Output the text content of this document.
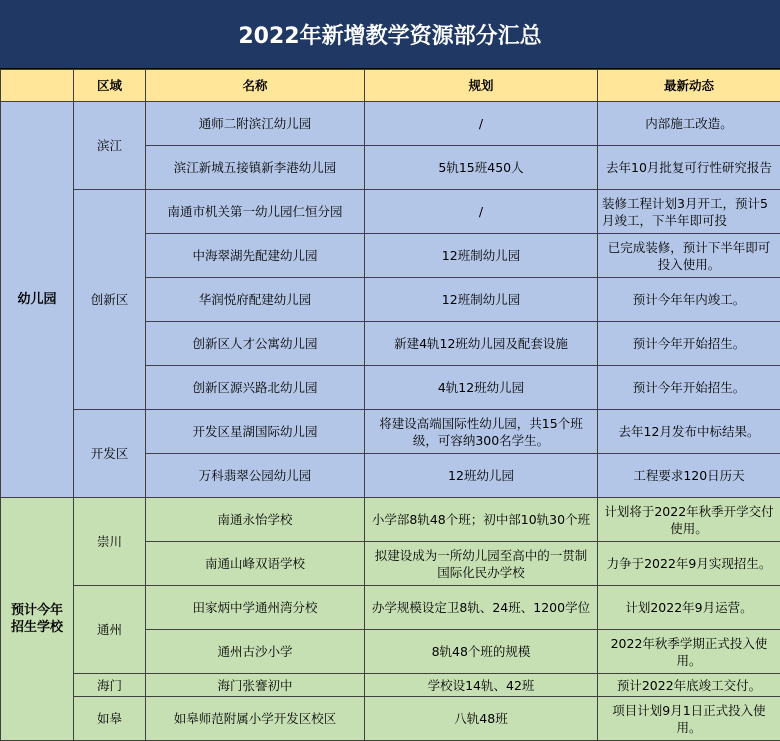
2022年新增教学资源部分汇总
	区域	名称	规划	最新动态
幼儿园	滨江	通师二附滨江幼儿园	/	内部施工改造。
		滨江新城五接镇新李港幼儿园	5轨15班450人	去年10月批复可行性研究报告
	创新区	南通市机关第一幼儿园仁恒分园	/	装修工程计划3月开工，预计5月竣工，下半年即可投
		中海翠湖先配建幼儿园	12班制幼儿园	已完成装修，预计下半年即可投入使用。
		华润悦府配建幼儿园	12班制幼儿园	预计今年年内竣工。
		创新区人才公寓幼儿园	新建4轨12班幼儿园及配套设施	预计今年开始招生。
		创新区源兴路北幼儿园	4轨12班幼儿园	预计今年开始招生。
	开发区	开发区星湖国际幼儿园	将建设高端国际性幼儿园，共15个班级，可容纳300名学生。	去年12月发布中标结果。
		万科翡翠公园幼儿园	12班幼儿园	工程要求120日历天
预计今年招生学校	崇川	南通永怡学校	小学部8轨48个班；初中部10轨30个班	计划将于2022年秋季开学交付使用。
		南通山峰双语学校	拟建设成为一所幼儿园至高中的一贯制国际化民办学校	力争于2022年9月实现招生。
	通州	田家炳中学通州湾分校	办学规模设定卫8轨、24班、1200学位	计划2022年9月运营。
		通州古沙小学	8轨48个班的规模	2022年秋季学期正式投入使用。
	海门	海门张謇初中	学校设14轨、42班	预计2022年底竣工交付。
	如皋	如皋师范附属小学开发区校区	八轨48班	项目计划9月1日正式投入使用。
